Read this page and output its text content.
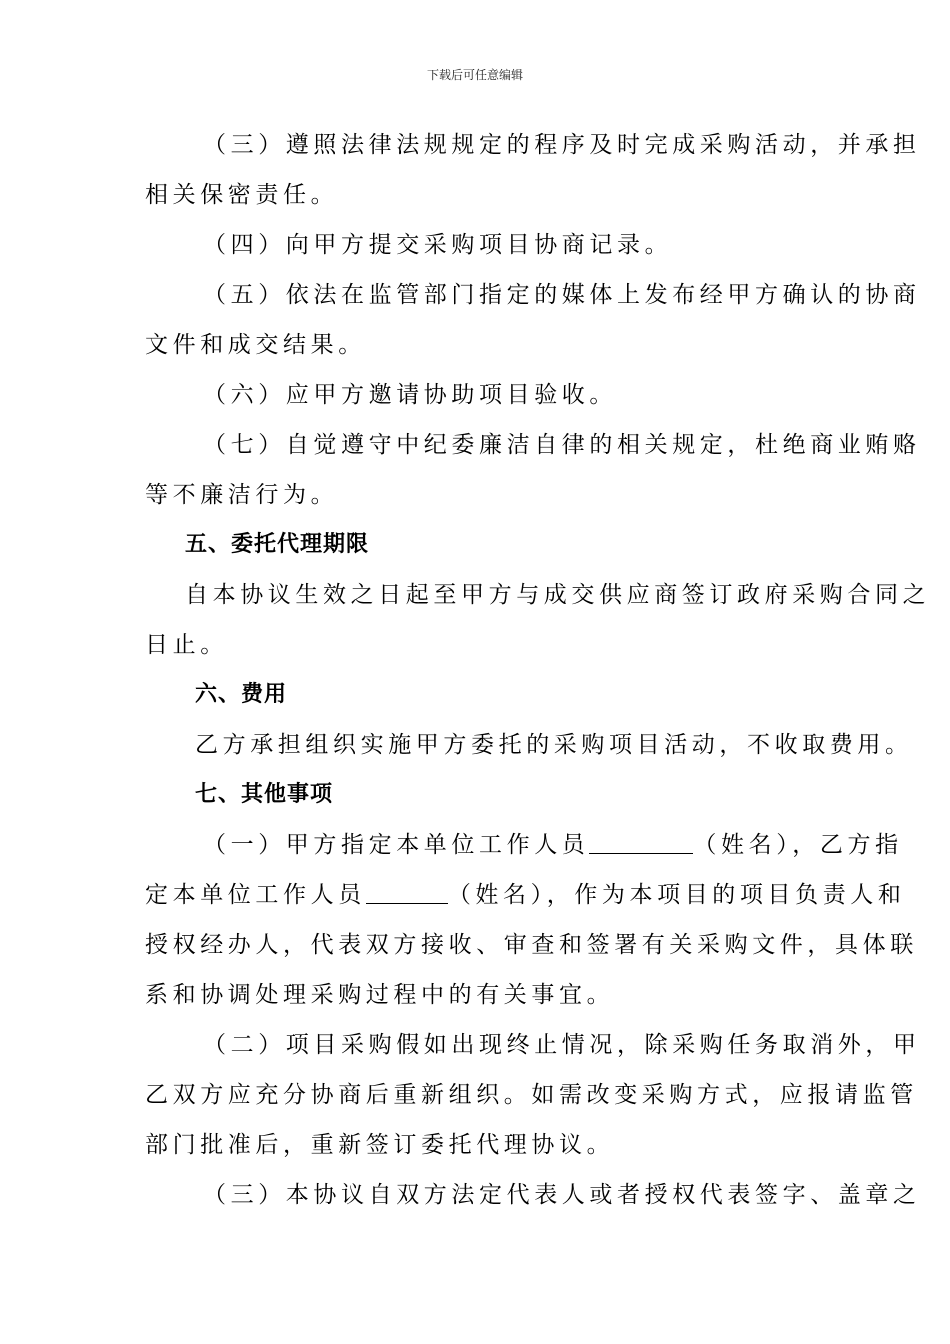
下载后可任意编辑

（三）遵照法律法规规定的程序及时完成采购活动，并承担
相关保密责任。

（四）向甲方提交采购项目协商记录。

（五）依法在监管部门指定的媒体上发布经甲方确认的协商
文件和成交结果。

（六）应甲方邀请协助项目验收。

（七）自觉遵守中纪委廉洁自律的相关规定，杜绝商业贿赂
等不廉洁行为。

五、委托代理期限

自本协议生效之日起至甲方与成交供应商签订政府采购合同之
日止。

六、费用

乙方承担组织实施甲方委托的采购项目活动，不收取费用。

七、其他事项

（一）甲方指定本单位工作人员	（姓名），乙方指
定本单位工作人员	（姓名），作为本项目的项目负责人和
授权经办人，代表双方接收、审查和签署有关采购文件，具体联
系和协调处理采购过程中的有关事宜。

（二）项目采购假如出现终止情况，除采购任务取消外，甲
乙双方应充分协商后重新组织。如需改变采购方式，应报请监管
部门批准后，重新签订委托代理协议。

（三）本协议自双方法定代表人或者授权代表签字、盖章之
